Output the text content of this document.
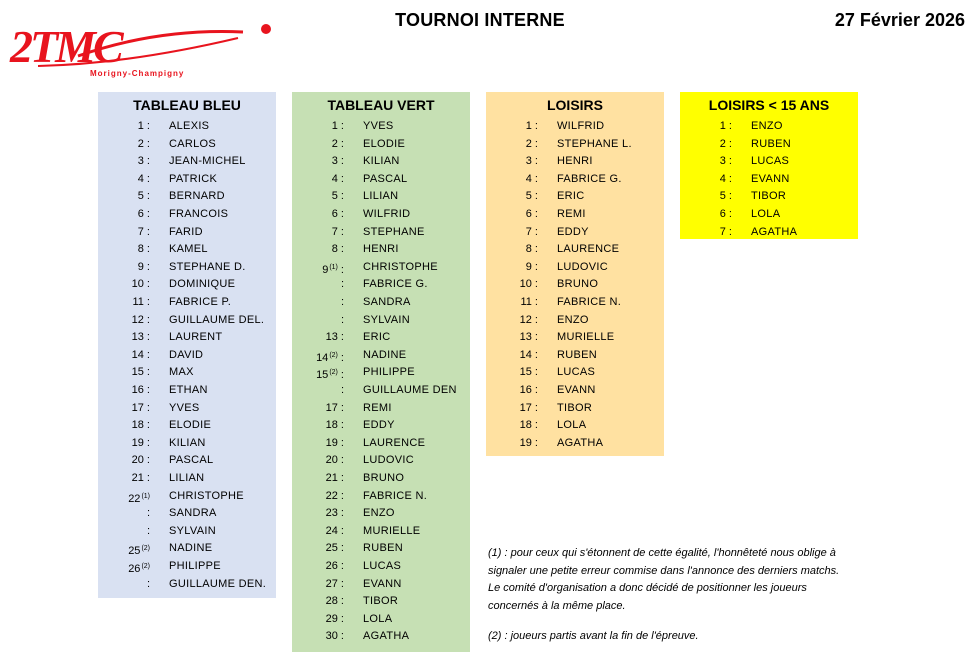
2TMC
Morigny-Champigny
TOURNOI INTERNE	27 Février 2026
TABLEAU BLEU
1 : ALEXIS
2 : CARLOS
3 : JEAN-MICHEL
4 : PATRICK
5 : BERNARD
6 : FRANCOIS
7 : FARID
8 : KAMEL
9 : STEPHANE D.
10 : DOMINIQUE
11 : FABRICE P.
12 : GUILLAUME DEL.
13 : LAURENT
14 : DAVID
15 : MAX
16 : ETHAN
17 : YVES
18 : ELODIE
19 : KILIAN
20 : PASCAL
21 : LILIAN
22$^{(1)}$ CHRISTOPHE
: SANDRA
: SYLVAIN
25$^{(2)}$ NADINE
26$^{(2)}$ PHILIPPE
: GUILLAUME DEN.
TABLEAU VERT
1 : YVES
2 : ELODIE
3 : KILIAN
4 : PASCAL
5 : LILIAN
6 : WILFRID
7 : STEPHANE
8 : HENRI
9$^{(1)}$ : CHRISTOPHE
: FABRICE G.
: SANDRA
: SYLVAIN
13 : ERIC
14$^{(2)}$ : NADINE
15$^{(2)}$ : PHILIPPE
: GUILLAUME DEN
17 : REMI
18 : EDDY
19 : LAURENCE
20 : LUDOVIC
21 : BRUNO
22 : FABRICE N.
23 : ENZO
24 : MURIELLE
25 : RUBEN
26 : LUCAS
27 : EVANN
28 : TIBOR
29 : LOLA
30 : AGATHA
LOISIRS
1 : WILFRID
2 : STEPHANE L.
3 : HENRI
4 : FABRICE G.
5 : ERIC
6 : REMI
7 : EDDY
8 : LAURENCE
9 : LUDOVIC
10 : BRUNO
11 : FABRICE N.
12 : ENZO
13 : MURIELLE
14 : RUBEN
15 : LUCAS
16 : EVANN
17 : TIBOR
18 : LOLA
19 : AGATHA
LOISIRS < 15 ANS
1 : ENZO
2 : RUBEN
3 : LUCAS
4 : EVANN
5 : TIBOR
6 : LOLA
7 : AGATHA

(1) : pour ceux qui s'étonnent de cette égalité, l'honnêteté nous oblige à

signaler une petite erreur commise dans l'annonce des derniers matchs.

Le comité d'organisation a donc décidé de positionner les joueurs

concernés à la même place.

(2) : joueurs partis avant la fin de l'épreuve.
